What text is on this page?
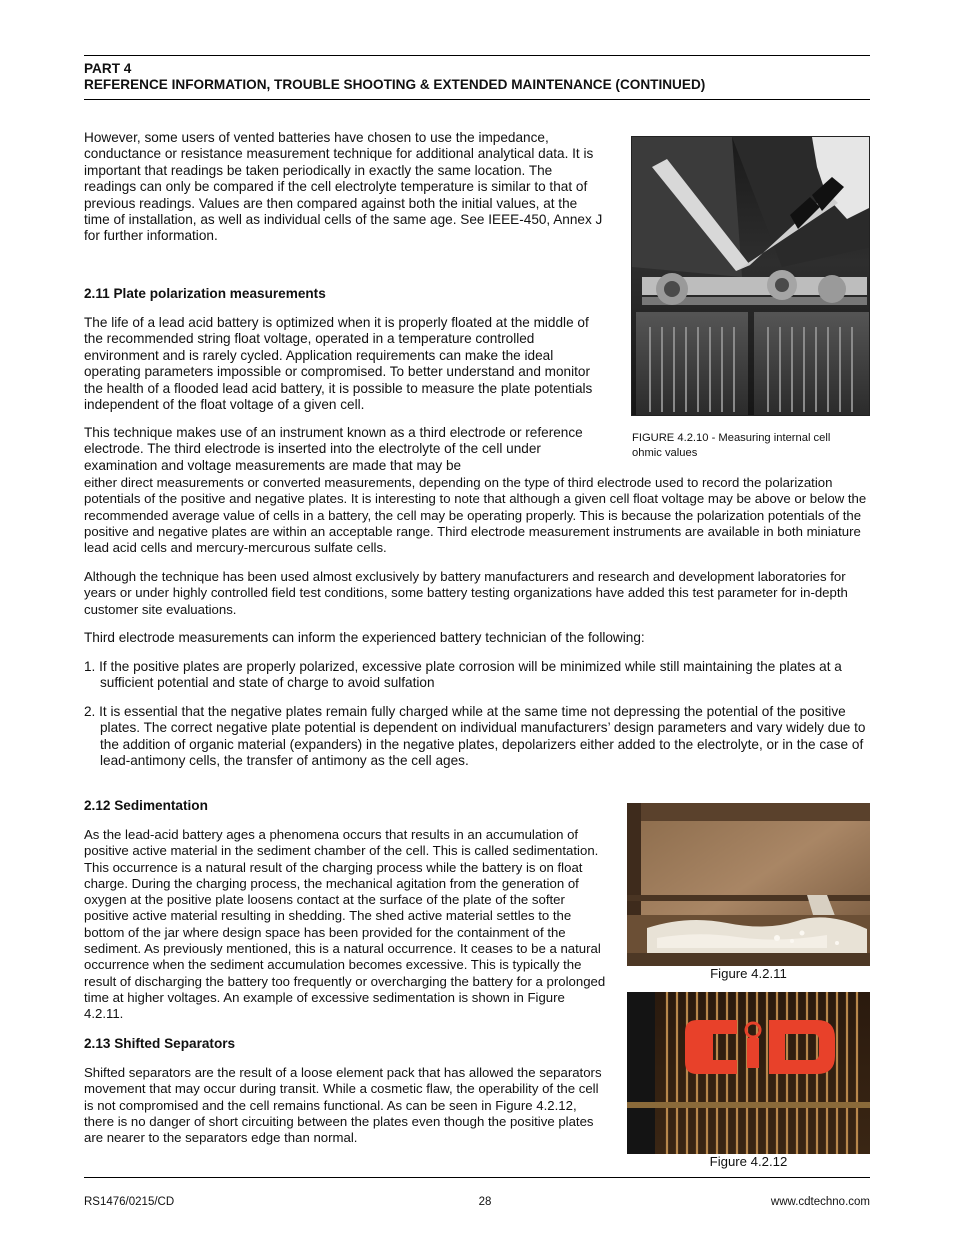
PART 4
REFERENCE INFORMATION, TROUBLE SHOOTING & EXTENDED MAINTENANCE (CONTINUED)
However, some users of vented batteries have chosen to use the impedance, conductance or resistance measurement technique for additional analytical data. It is important that readings be taken periodically in exactly the same location. The readings can only be compared if the cell electrolyte temperature is similar to that of previous readings. Values are then compared against both the initial values, at the time of installation, as well as individual cells of the same age. See IEEE-450, Annex J for further information.
FIGURE 4.2.10 - Measuring internal cell
ohmic values
2.11 Plate polarization measurements
The life of a lead acid battery is optimized when it is properly floated at the middle of the recommended string float voltage, operated in a temperature controlled environment and is rarely cycled. Application requirements can make the ideal operating parameters impossible or compromised. To better understand and monitor the health of a flooded lead acid battery, it is possible to measure the plate potentials independent of the float voltage of a given cell.
This technique makes use of an instrument known as a third electrode or reference electrode. The third electrode is inserted into the electrolyte of the cell under examination and voltage measurements are made that may be
either direct measurements or converted measurements, depending on the type of third electrode used to record the polarization potentials of the positive and negative plates. It is interesting to note that although a given cell float voltage may be above or below the recommended average value of cells in a battery, the cell may be operating properly. This is because the polarization potentials of the positive and negative plates are within an acceptable range. Third electrode measurement instruments are available in both miniature lead acid cells and mercury-mercurous sulfate cells.
Although the technique has been used almost exclusively by battery manufacturers and research and development laboratories for years or under highly controlled field test conditions, some battery testing organizations have added this test parameter for in-depth customer site evaluations.
Third electrode measurements can inform the experienced battery technician of the following:
1. If the positive plates are properly polarized, excessive plate corrosion will be minimized while still maintaining the plates at a sufficient potential and state of charge to avoid sulfation
2. It is essential that the negative plates remain fully charged while at the same time not depressing the potential of the positive plates. The correct negative plate potential is dependent on individual manufacturers’ design parameters and vary widely due to the addition of organic material (expanders) in the negative plates, depolarizers either added to the electrolyte, or in the case of lead-antimony cells, the transfer of antimony as the cell ages.
2.12 Sedimentation
As the lead-acid battery ages a phenomena occurs that results in an accumulation of positive active material in the sediment chamber of the cell. This is called sedimentation. This occurrence is a natural result of the charging process while the battery is on float charge. During the charging process, the mechanical agitation from the generation of oxygen at the positive plate loosens contact at the surface of the plate of the softer positive active material resulting in shedding. The shed active material settles to the bottom of the jar where design space has been provided for the containment of the sediment. As previously mentioned, this is a natural occurrence. It ceases to be a natural occurrence when the sediment accumulation becomes excessive. This is typically the result of discharging the battery too frequently or overcharging the battery for a prolonged time at higher voltages. An example of excessive sedimentation is shown in Figure 4.2.11.
Figure 4.2.11
2.13 Shifted Separators
Shifted separators are the result of a loose element pack that has allowed the separators movement that may occur during transit. While a cosmetic flaw, the operability of the cell is not compromised and the cell remains functional. As can be seen in Figure 4.2.12, there is no danger of short circuiting between the plates even though the positive plates are nearer to the separators edge than normal.
Figure 4.2.12
RS1476/0215/CD	28	www.cdtechno.com
